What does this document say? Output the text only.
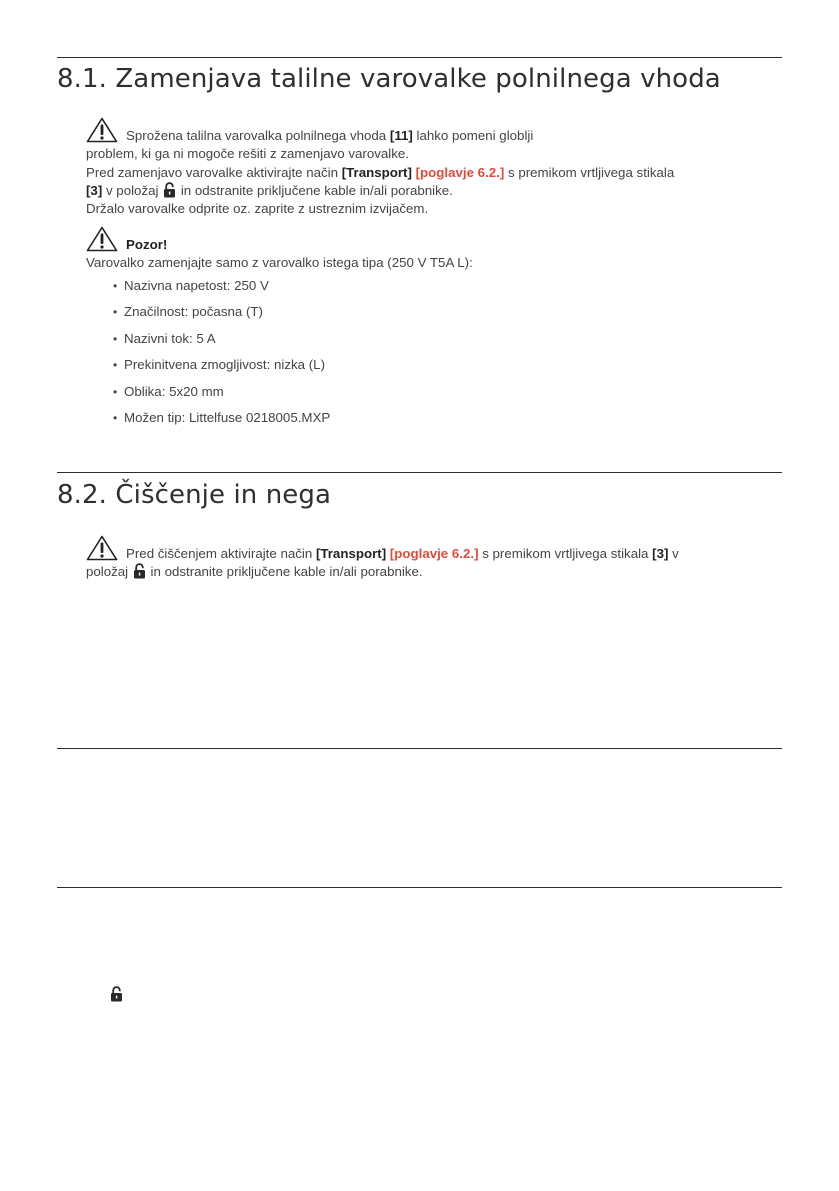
8.1. Zamenjava talilne varovalke polnilnega vhoda
Sprožena talilna varovalka polnilnega vhoda [11] lahko pomeni globlji
problem, ki ga ni mogoče rešiti z zamenjavo varovalke.
Pred zamenjavo varovalke aktivirajte način [Transport] [poglavje 6.2.] s premikom vrtljivega stikala
[3] v položaj  in odstranite priključene kable in/ali porabnike.
Držalo varovalke odprite oz. zaprite z ustreznim izvijačem.
Pozor!
Varovalko zamenjajte samo z varovalko istega tipa (250 V T5A L):
• Nazivna napetost: 250 V
• Značilnost: počasna (T)
• Nazivni tok: 5 A
• Prekinitvena zmogljivost: nizka (L)
• Oblika: 5x20 mm
• Možen tip: Littelfuse 0218005.MXP
8.2. Čiščenje in nega
Pred čiščenjem aktivirajte način [Transport] [poglavje 6.2.] s premikom vrtljivega stikala [3] v
položaj  in odstranite priključene kable in/ali porabnike.
